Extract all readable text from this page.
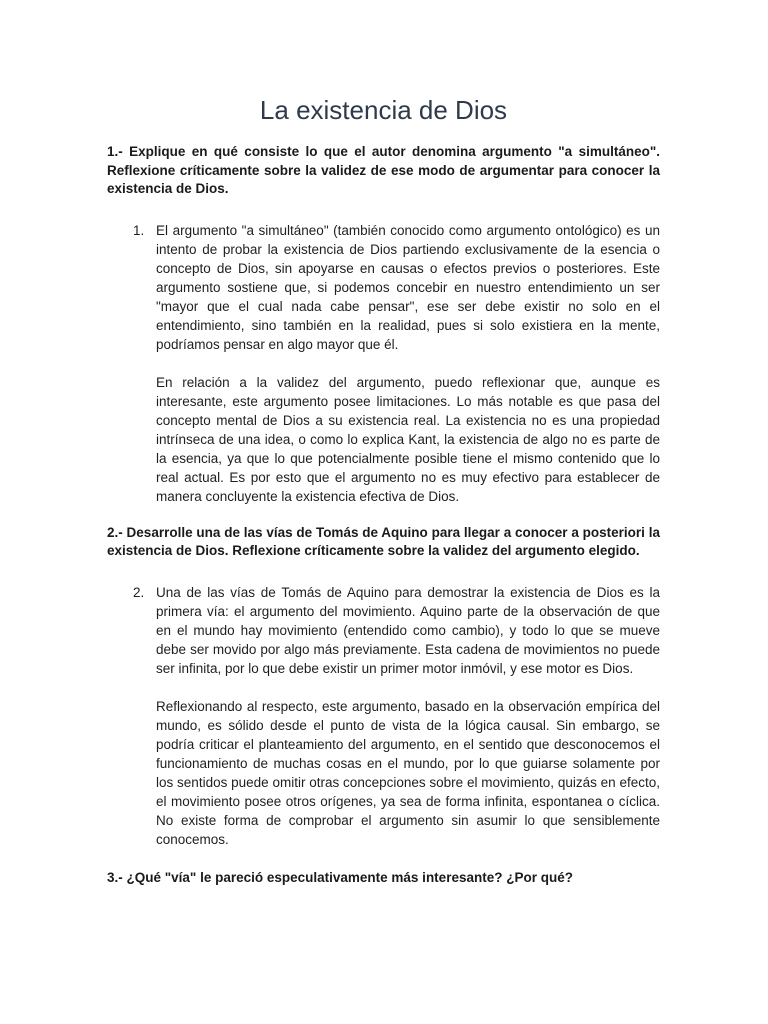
La existencia de Dios

1.- Explique en qué consiste lo que el autor denomina argumento "a simultáneo". Reflexione críticamente sobre la validez de ese modo de argumentar para conocer la existencia de Dios.

1. El argumento "a simultáneo" (también conocido como argumento ontológico) es un intento de probar la existencia de Dios partiendo exclusivamente de la esencia o concepto de Dios, sin apoyarse en causas o efectos previos o posteriores. Este argumento sostiene que, si podemos concebir en nuestro entendimiento un ser "mayor que el cual nada cabe pensar", ese ser debe existir no solo en el entendimiento, sino también en la realidad, pues si solo existiera en la mente, podríamos pensar en algo mayor que él.

En relación a la validez del argumento, puedo reflexionar que, aunque es interesante, este argumento posee limitaciones. Lo más notable es que pasa del concepto mental de Dios a su existencia real. La existencia no es una propiedad intrínseca de una idea, o como lo explica Kant, la existencia de algo no es parte de la esencia, ya que lo que potencialmente posible tiene el mismo contenido que lo real actual. Es por esto que el argumento no es muy efectivo para establecer de manera concluyente la existencia efectiva de Dios.

2.- Desarrolle una de las vías de Tomás de Aquino para llegar a conocer a posteriori la existencia de Dios. Reflexione críticamente sobre la validez del argumento elegido.

2. Una de las vías de Tomás de Aquino para demostrar la existencia de Dios es la primera vía: el argumento del movimiento. Aquino parte de la observación de que en el mundo hay movimiento (entendido como cambio), y todo lo que se mueve debe ser movido por algo más previamente. Esta cadena de movimientos no puede ser infinita, por lo que debe existir un primer motor inmóvil, y ese motor es Dios.

Reflexionando al respecto, este argumento, basado en la observación empírica del mundo, es sólido desde el punto de vista de la lógica causal. Sin embargo, se podría criticar el planteamiento del argumento, en el sentido que desconocemos el funcionamiento de muchas cosas en el mundo, por lo que guiarse solamente por los sentidos puede omitir otras concepciones sobre el movimiento, quizás en efecto, el movimiento posee otros orígenes, ya sea de forma infinita, espontanea o cíclica. No existe forma de comprobar el argumento sin asumir lo que sensiblemente conocemos.

3.- ¿Qué "vía" le pareció especulativamente más interesante? ¿Por qué?
